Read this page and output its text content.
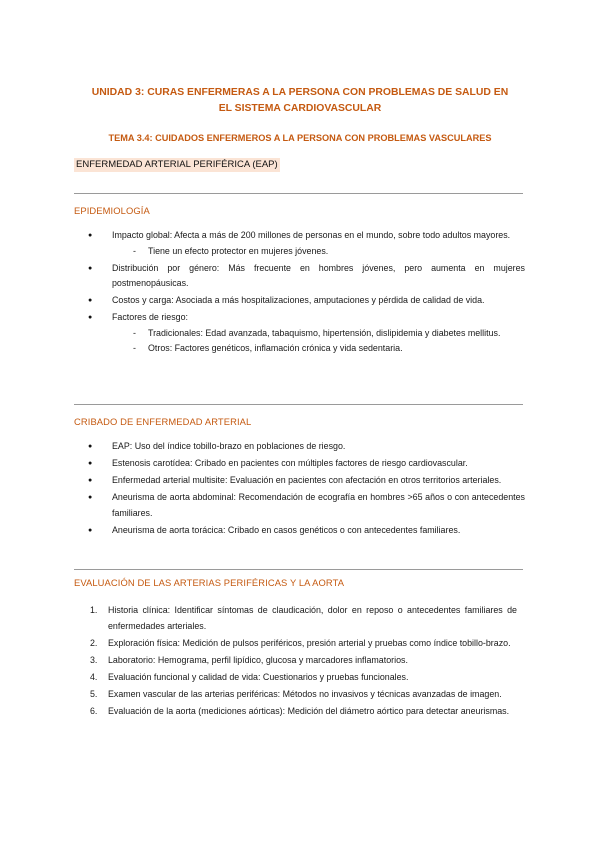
UNIDAD 3: CURAS ENFERMERAS A LA PERSONA CON PROBLEMAS DE SALUD EN EL SISTEMA CARDIOVASCULAR
TEMA 3.4: CUIDADOS ENFERMEROS A LA PERSONA CON PROBLEMAS VASCULARES
ENFERMEDAD ARTERIAL PERIFÉRICA (EAP)
EPIDEMIOLOGÍA
● Impacto global: Afecta a más de 200 millones de personas en el mundo, sobre todo adultos mayores.
- Tiene un efecto protector en mujeres jóvenes.
● Distribución por género: Más frecuente en hombres jóvenes, pero aumenta en mujeres postmenopáusicas.
● Costos y carga: Asociada a más hospitalizaciones, amputaciones y pérdida de calidad de vida.
● Factores de riesgo:
- Tradicionales: Edad avanzada, tabaquismo, hipertensión, dislipidemia y diabetes mellitus.
- Otros: Factores genéticos, inflamación crónica y vida sedentaria.
CRIBADO DE ENFERMEDAD ARTERIAL
● EAP: Uso del índice tobillo-brazo en poblaciones de riesgo.
● Estenosis carotídea: Cribado en pacientes con múltiples factores de riesgo cardiovascular.
● Enfermedad arterial multisite: Evaluación en pacientes con afectación en otros territorios arteriales.
● Aneurisma de aorta abdominal: Recomendación de ecografía en hombres >65 años o con antecedentes familiares.
● Aneurisma de aorta torácica: Cribado en casos genéticos o con antecedentes familiares.
EVALUACIÓN DE LAS ARTERIAS PERIFÉRICAS Y LA AORTA
1. Historia clínica: Identificar síntomas de claudicación, dolor en reposo o antecedentes familiares de enfermedades arteriales.
2. Exploración física: Medición de pulsos periféricos, presión arterial y pruebas como índice tobillo-brazo.
3. Laboratorio: Hemograma, perfil lipídico, glucosa y marcadores inflamatorios.
4. Evaluación funcional y calidad de vida: Cuestionarios y pruebas funcionales.
5. Examen vascular de las arterias periféricas: Métodos no invasivos y técnicas avanzadas de imagen.
6. Evaluación de la aorta (mediciones aórticas): Medición del diámetro aórtico para detectar aneurismas.
